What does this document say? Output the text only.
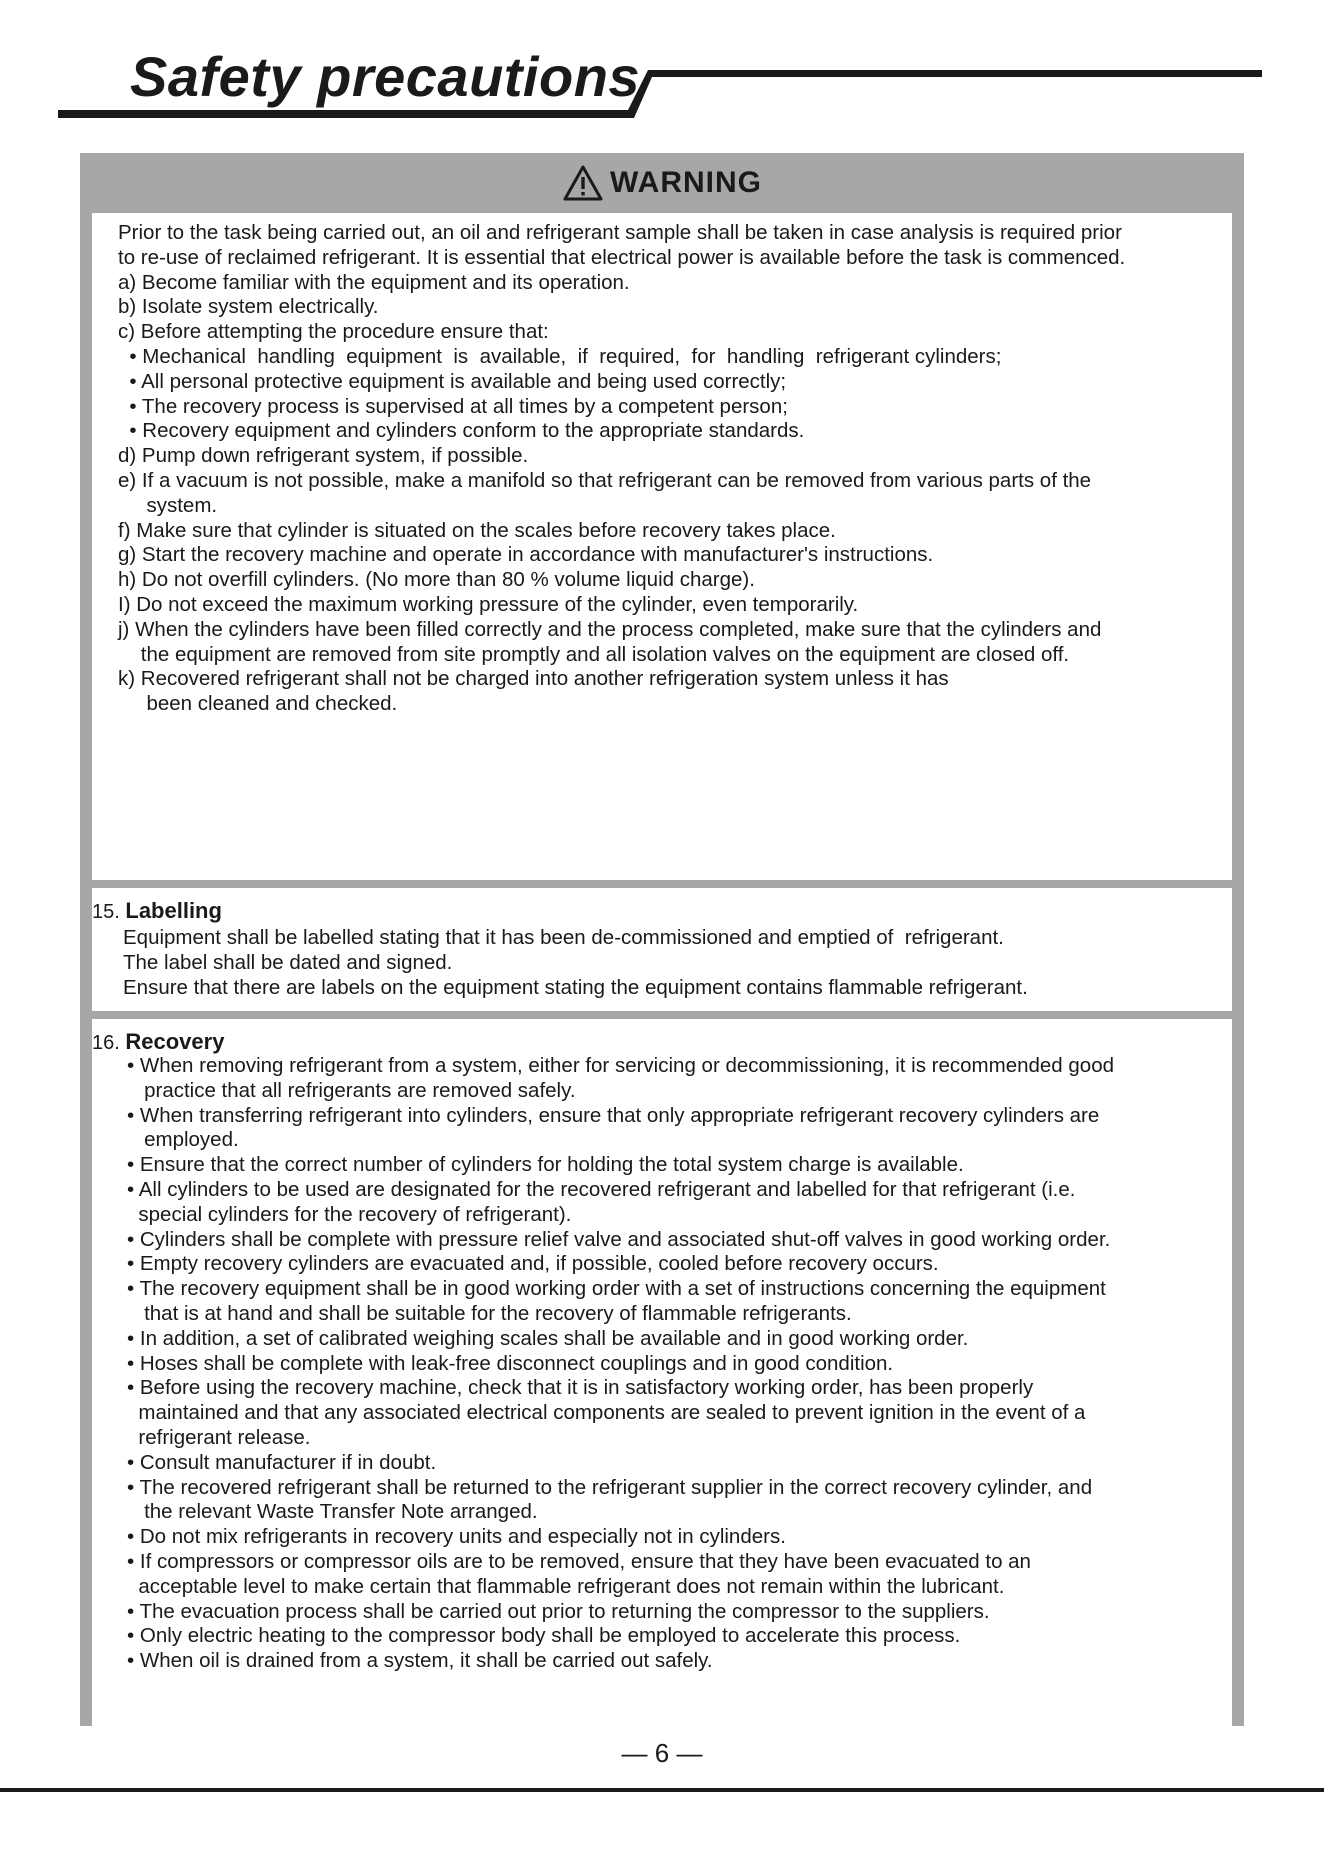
Safety precautions
WARNING
Prior to the task being carried out, an oil and refrigerant sample shall be taken in case analysis is required prior
to re-use of reclaimed refrigerant. It is essential that electrical power is available before the task is commenced.
a) Become familiar with the equipment and its operation.
b) Isolate system electrically.
c) Before attempting the procedure ensure that:
• Mechanical  handling  equipment  is  available,  if  required,  for  handling  refrigerant cylinders;
• All personal protective equipment is available and being used correctly;
• The recovery process is supervised at all times by a competent person;
• Recovery equipment and cylinders conform to the appropriate standards.
d) Pump down refrigerant system, if possible.
e) If a vacuum is not possible, make a manifold so that refrigerant can be removed from various parts of the
system.
f) Make sure that cylinder is situated on the scales before recovery takes place.
g) Start the recovery machine and operate in accordance with manufacturer's instructions.
h) Do not overfill cylinders. (No more than 80 % volume liquid charge).
I) Do not exceed the maximum working pressure of the cylinder, even temporarily.
j) When the cylinders have been filled correctly and the process completed, make sure that the cylinders and
the equipment are removed from site promptly and all isolation valves on the equipment are closed off.
k) Recovered refrigerant shall not be charged into another refrigeration system unless it has
been cleaned and checked.
15. Labelling
Equipment shall be labelled stating that it has been de-commissioned and emptied of  refrigerant.
The label shall be dated and signed.
Ensure that there are labels on the equipment stating the equipment contains flammable refrigerant.
16. Recovery
• When removing refrigerant from a system, either for servicing or decommissioning, it is recommended good
practice that all refrigerants are removed safely.
• When transferring refrigerant into cylinders, ensure that only appropriate refrigerant recovery cylinders are
employed.
• Ensure that the correct number of cylinders for holding the total system charge is available.
• All cylinders to be used are designated for the recovered refrigerant and labelled for that refrigerant (i.e.
special cylinders for the recovery of refrigerant).
• Cylinders shall be complete with pressure relief valve and associated shut-off valves in good working order.
• Empty recovery cylinders are evacuated and, if possible, cooled before recovery occurs.
• The recovery equipment shall be in good working order with a set of instructions concerning the equipment
that is at hand and shall be suitable for the recovery of flammable refrigerants.
• In addition, a set of calibrated weighing scales shall be available and in good working order.
• Hoses shall be complete with leak-free disconnect couplings and in good condition.
• Before using the recovery machine, check that it is in satisfactory working order, has been properly
maintained and that any associated electrical components are sealed to prevent ignition in the event of a
refrigerant release.
• Consult manufacturer if in doubt.
• The recovered refrigerant shall be returned to the refrigerant supplier in the correct recovery cylinder, and
the relevant Waste Transfer Note arranged.
• Do not mix refrigerants in recovery units and especially not in cylinders.
• If compressors or compressor oils are to be removed, ensure that they have been evacuated to an
acceptable level to make certain that flammable refrigerant does not remain within the lubricant.
• The evacuation process shall be carried out prior to returning the compressor to the suppliers.
• Only electric heating to the compressor body shall be employed to accelerate this process.
• When oil is drained from a system, it shall be carried out safely.
— 6 —
